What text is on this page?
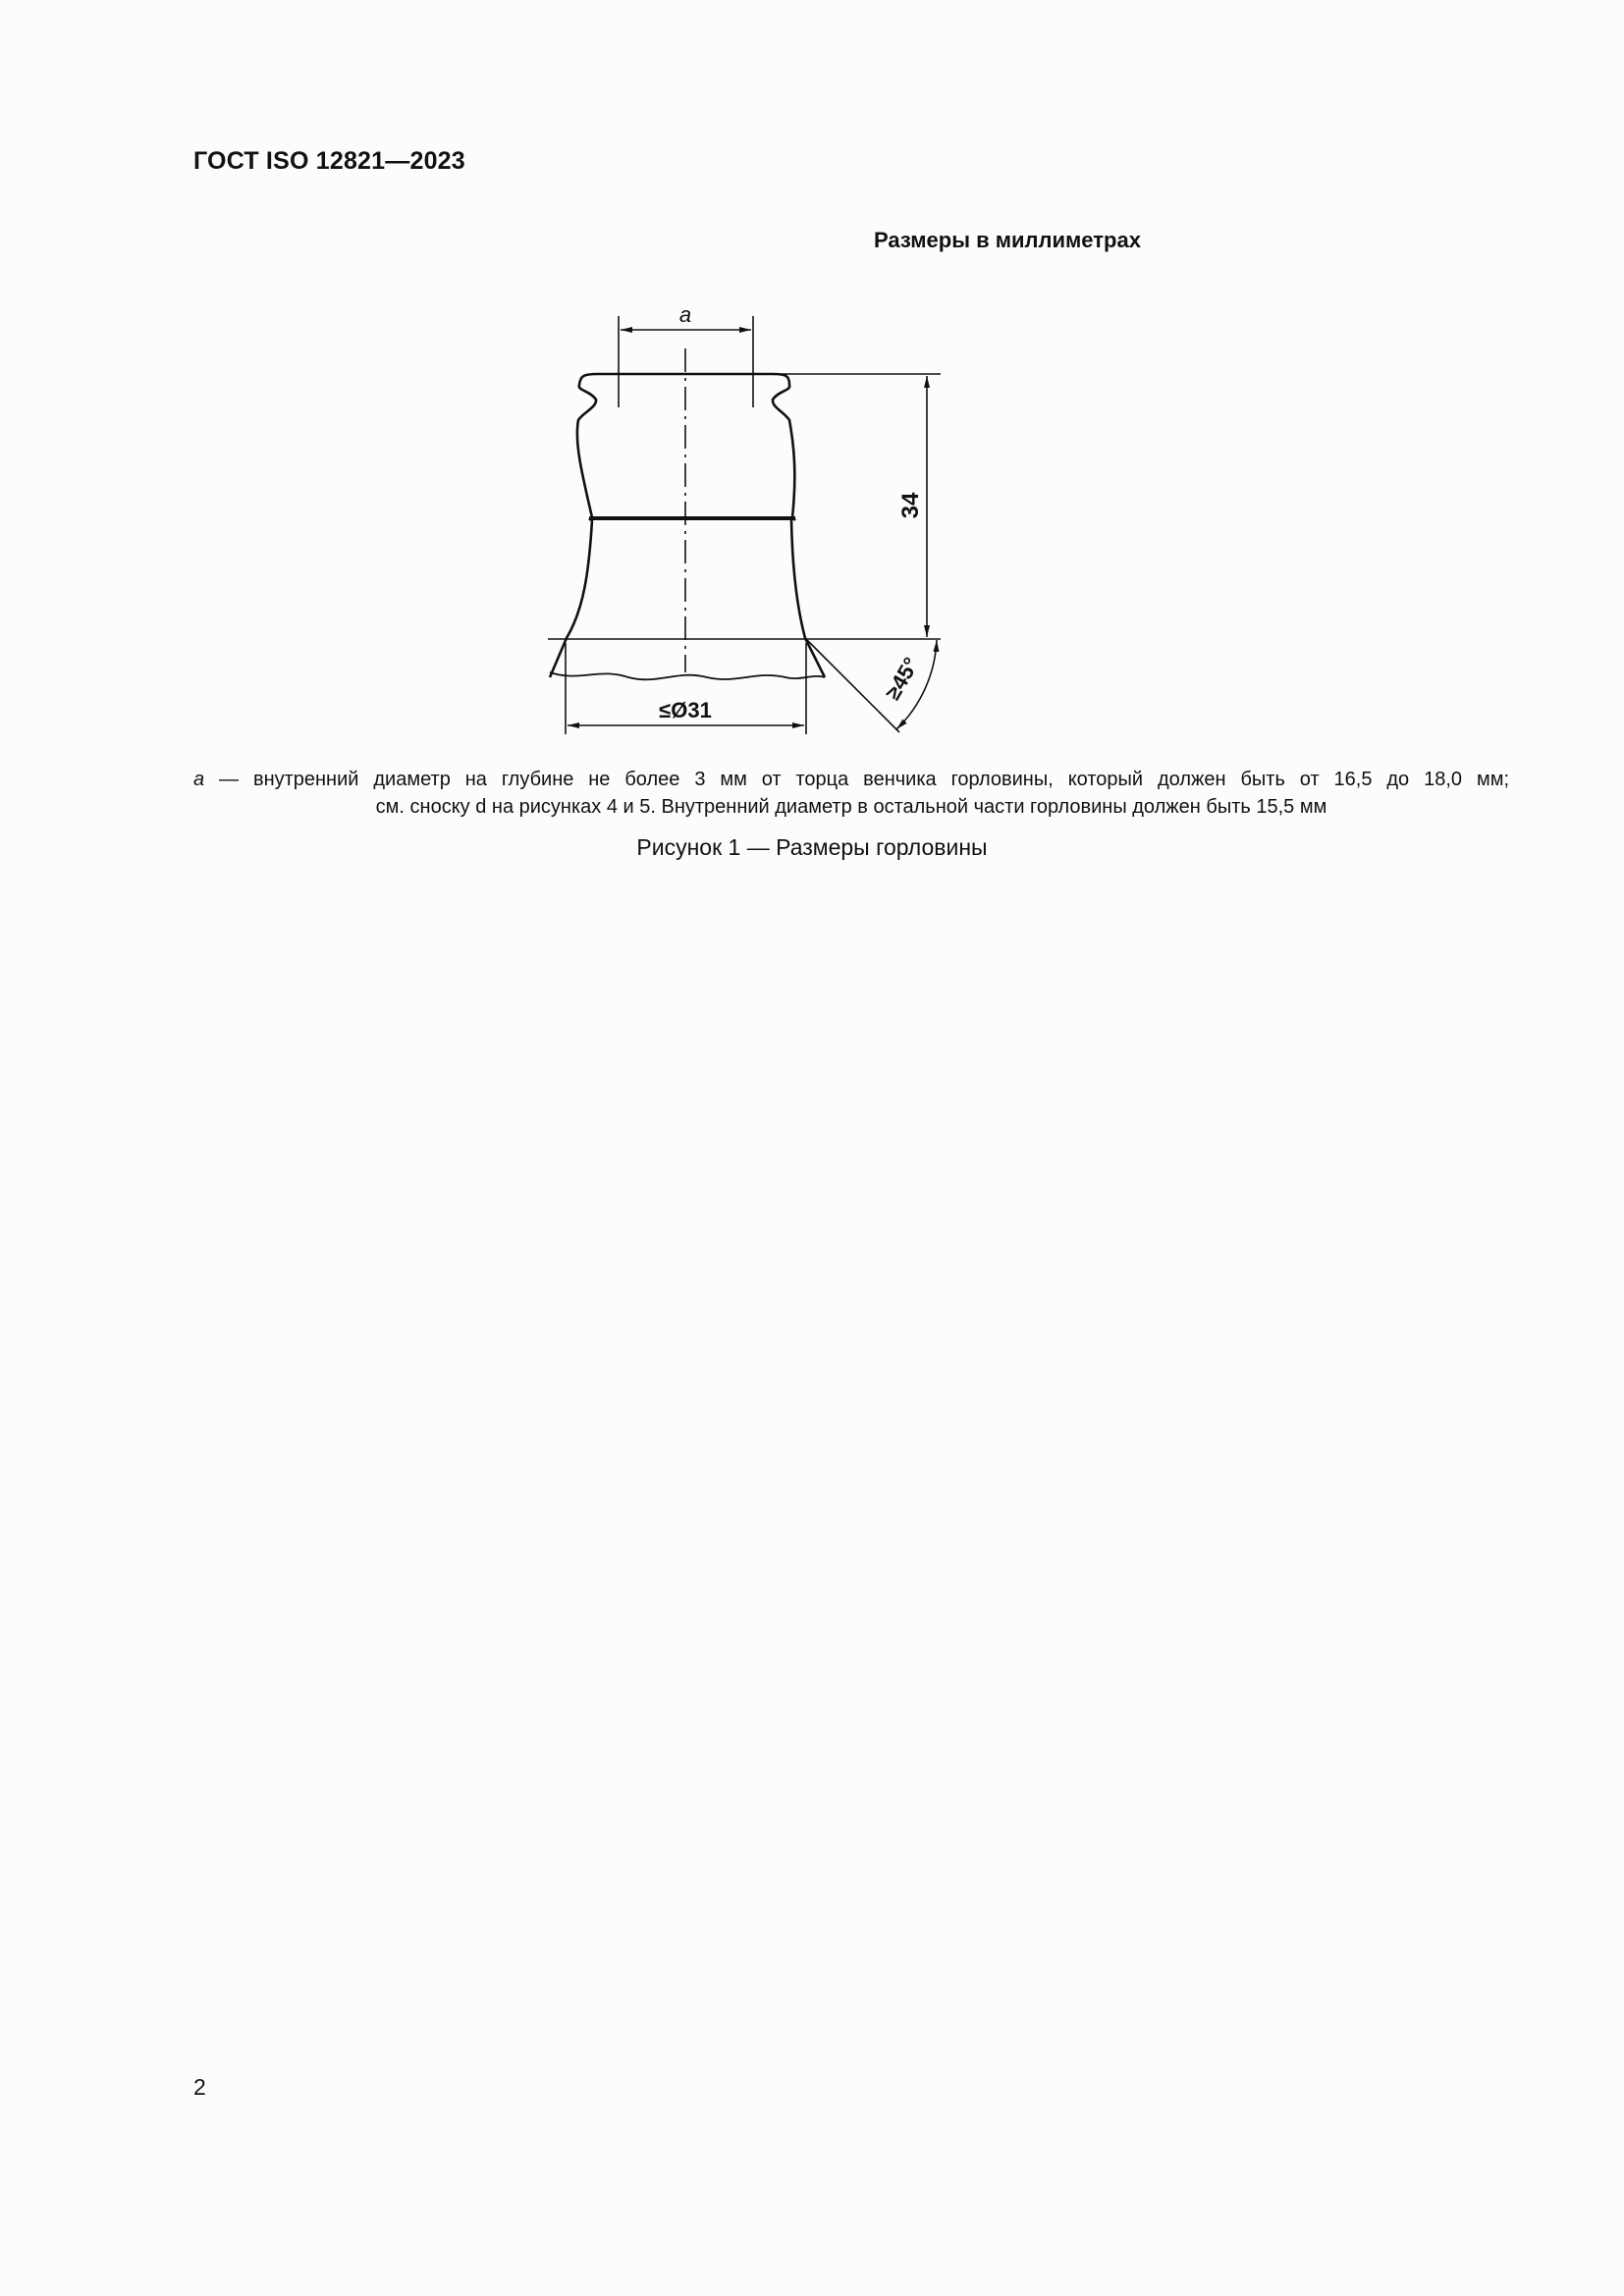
ГОСТ ISO 12821—2023
Размеры в миллиметрах
a
34
≥45°
≤Ø31
a — внутренний диаметр на глубине не более 3 мм от торца венчика горловины, который должен быть от 16,5 до 18,0 мм;
см. сноску d на рисунках 4 и 5. Внутренний диаметр в остальной части горловины должен быть 15,5 мм
Рисунок 1 — Размеры горловины
2
